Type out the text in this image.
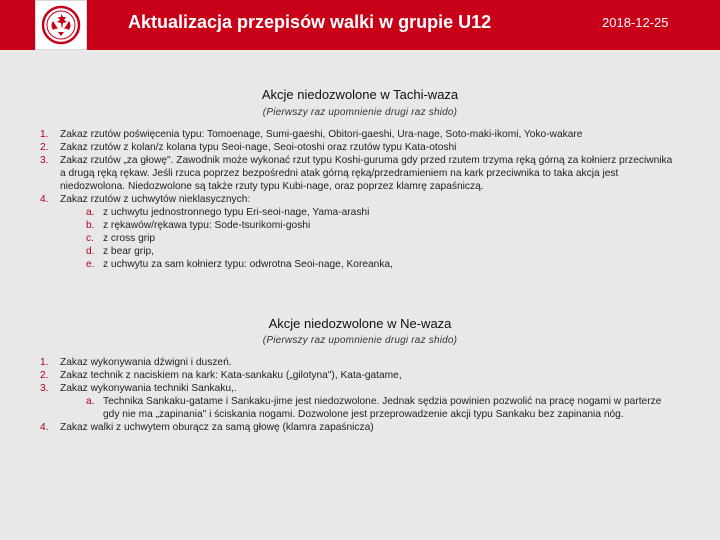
Aktualizacja przepisów walki w grupie U12	2018-12-25
Akcje niedozwolone w Tachi-waza
(Pierwszy raz upomnienie drugi raz shido)
1. Zakaz rzutów poświęcenia typu: Tomoenage, Sumi-gaeshi, Obitori-gaeshi, Ura-nage, Soto-maki-ikomi, Yoko-wakare
2. Zakaz rzutów z kolan/z kolana typu Seoi-nage, Seoi-otoshi oraz rzutów typu Kata-otoshi
3. Zakaz rzutów „za głowę". Zawodnik może wykonać rzut typu Koshi-guruma gdy przed rzutem trzyma ręką górną za kołnierz przeciwnika a drugą ręką rękaw. Jeśli rzuca poprzez bezpośredni atak górną ręką/przedramieniem na kark przeciwnika to taka akcja jest niedozwolona. Niedozwolone są także rzuty typu Kubi-nage, oraz poprzez klamrę zapaśniczą.
4. Zakaz rzutów z uchwytów nieklasycznych:
a. z uchwytu jednostronnego typu Eri-seoi-nage, Yama-arashi
b. z rękawów/rękawa typu: Sode-tsurikomi-goshi
c. z cross grip
d. z bear grip,
e. z uchwytu za sam kołnierz typu: odwrotna Seoi-nage, Koreanka,
Akcje niedozwolone w Ne-waza
(Pierwszy raz upomnienie drugi raz shido)
1. Zakaz wykonywania dźwigni i duszeń.
2. Zakaz technik z naciskiem na kark: Kata-sankaku („gilotyna"), Kata-gatame,
3. Zakaz wykonywania techniki Sankaku,.
a. Technika Sankaku-gatame i Sankaku-jime jest niedozwolone. Jednak sędzia powinien pozwolić na pracę nogami w parterze gdy nie ma „zapinania" i ściskania nogami. Dozwolone jest przeprowadzenie akcji typu Sankaku bez zapinania nóg.
4. Zakaz walki z uchwytem oburącz za samą głowę (klamra zapaśnicza)
